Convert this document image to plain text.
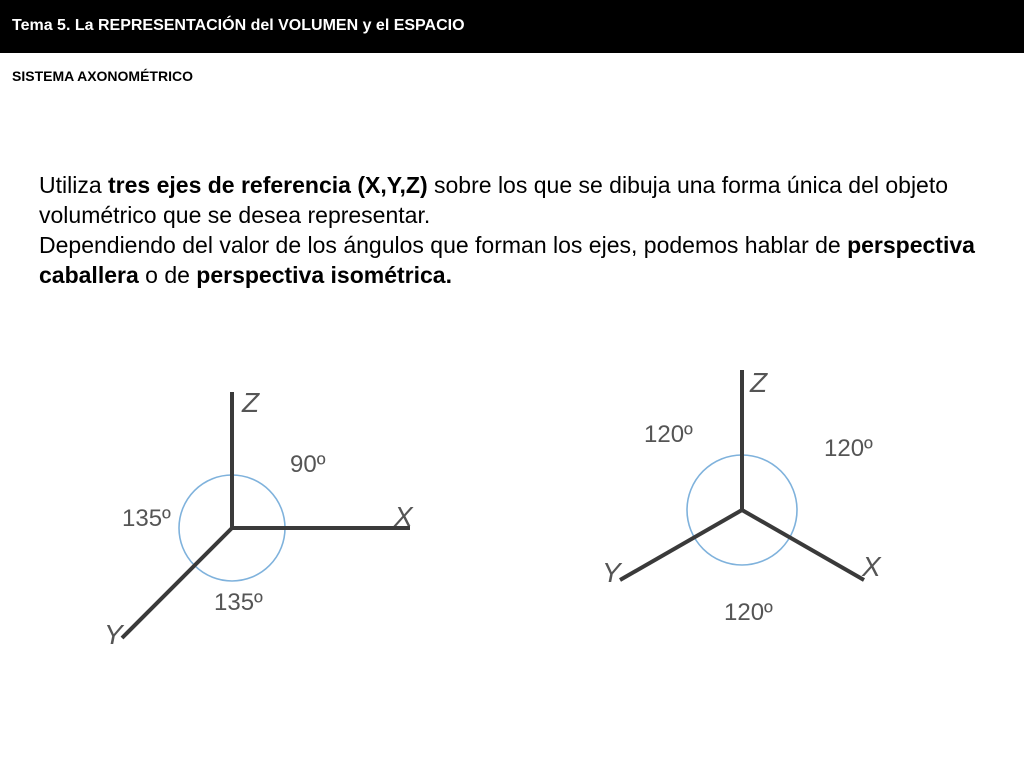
Tema 5. La REPRESENTACIÓN del VOLUMEN y el ESPACIO
SISTEMA AXONOMÉTRICO

Utiliza tres ejes de referencia (X,Y,Z) sobre los que se dibuja una forma única del objeto volumétrico que se desea representar.

Dependiendo del valor de los ángulos que forman los ejes, podemos hablar de perspectiva caballera o de perspectiva isométrica.

Z
X
Y
90º
135º
135º
Z
X
Y
120º
120º
120º
